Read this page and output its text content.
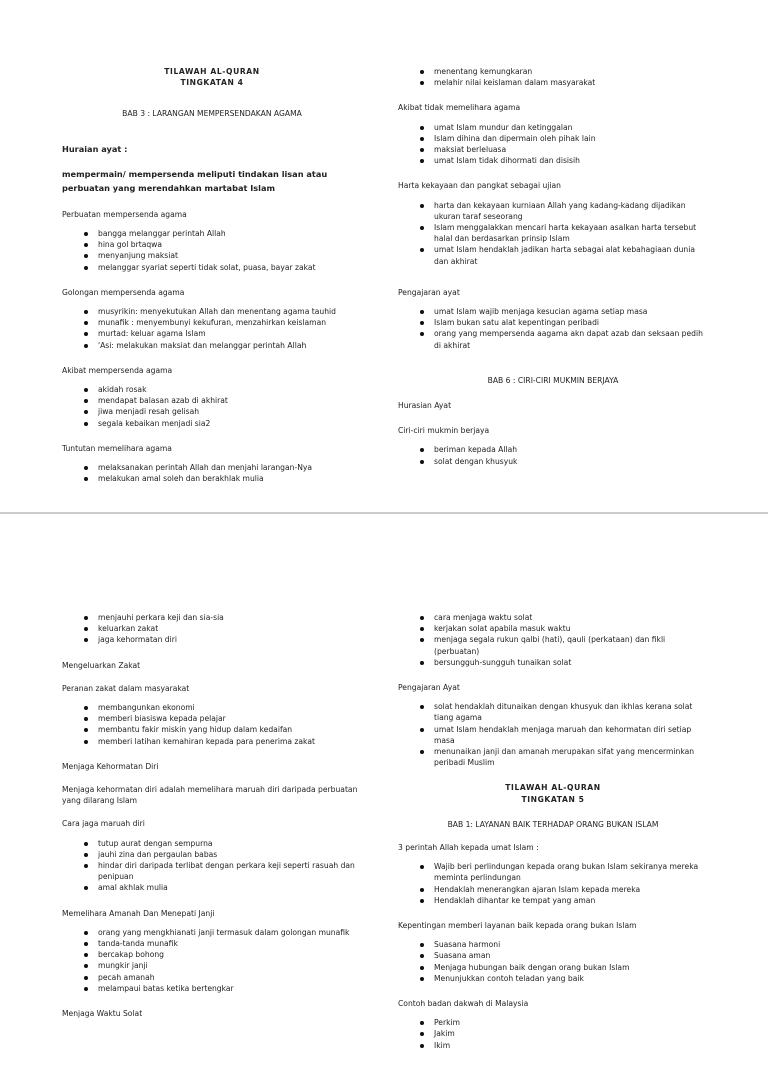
TILAWAH AL-QURAN
TINGKATAN 4

BAB 3 : LARANGAN MEMPERSENDAKAN AGAMA

Huraian ayat :
mempermain/ mempersenda meliputi tindakan lisan atau perbuatan yang merendahkan martabat Islam

Perbuatan mempersenda agama

bangga melanggar perintah Allah
hina gol brtaqwa
menyanjung maksiat
melanggar syariat seperti tidak solat, puasa, bayar zakat

Golongan mempersenda agama

musyrikin: menyekutukan Allah dan menentang agama tauhid
munafik : menyembunyi kekufuran, menzahirkan keislaman
murtad: keluar agama Islam
'Asi: melakukan maksiat dan melanggar perintah Allah

Akibat mempersenda agama

akidah rosak
mendapat balasan azab di akhirat
jiwa menjadi resah gelisah
segala kebaikan menjadi sia2

Tuntutan memelihara agama

melaksanakan perintah Allah dan menjahi larangan-Nya
melakukan amal soleh dan berakhlak mulia
menentang kemungkaran
melahir nilai keislaman dalam masyarakat

Akibat tidak memelihara agama

umat Islam mundur dan ketinggalan
Islam dihina dan dipermain oleh pihak lain
maksiat berleluasa
umat Islam tidak dihormati dan disisih

Harta kekayaan dan pangkat sebagai ujian

harta dan kekayaan kurniaan Allah yang kadang-kadang dijadikan ukuran taraf seseorang
Islam menggalakkan mencari harta kekayaan asalkan harta tersebut halal dan berdasarkan prinsip Islam
umat Islam hendaklah jadikan harta sebagai alat kebahagiaan dunia dan akhirat

Pengajaran ayat

umat Islam wajib menjaga kesucian agama setiap masa
Islam bukan satu alat kepentingan peribadi
orang yang mempersenda aagama akn dapat azab dan seksaan pedih di akhirat

BAB 6 : CIRI-CIRI MUKMIN BERJAYA

Hurasian Ayat

Ciri-ciri mukmin berjaya

beriman kepada Allah
solat dengan khusyuk
menjauhi perkara keji dan sia-sia
keluarkan zakat
jaga kehormatan diri

Mengeluarkan Zakat

Peranan zakat dalam masyarakat

membangunkan ekonomi
memberi biasiswa kepada pelajar
membantu fakir miskin yang hidup dalam kedaifan
memberi latihan kemahiran kepada para penerima zakat

Menjaga Kehormatan Diri

Menjaga kehormatan diri adalah memelihara maruah diri daripada perbuatan yang dilarang Islam

Cara jaga maruah diri

tutup aurat dengan sempurna
jauhi zina dan pergaulan babas
hindar diri daripada terlibat dengan perkara keji seperti rasuah dan penipuan
amal akhlak mulia

Memelihara Amanah Dan Menepati Janji

orang yang mengkhianati janji termasuk dalam golongan munafik
tanda-tanda munafik
bercakap bohong
mungkir janji
pecah amanah
melampaui batas ketika bertengkar

Menjaga Waktu Solat

cara menjaga waktu solat
kerjakan solat apabila masuk waktu
menjaga segala rukun qalbi (hati), qauli (perkataan) dan fikli (perbuatan)
bersungguh-sungguh tunaikan solat

Pengajaran Ayat

solat hendaklah ditunaikan dengan khusyuk dan ikhlas kerana solat tiang agama
umat Islam hendaklah menjaga maruah dan kehormatan diri setiap masa
menunaikan janji dan amanah merupakan sifat yang mencerminkan peribadi Muslim
TILAWAH AL-QURAN
TINGKATAN 5

BAB 1: LAYANAN BAIK TERHADAP ORANG BUKAN ISLAM

3 perintah Allah kepada umat Islam :

Wajib beri perlindungan kepada orang bukan Islam sekiranya mereka meminta perlindungan
Hendaklah menerangkan ajaran Islam kepada mereka
Hendaklah dihantar ke tempat yang aman

Kepentingan memberi layanan baik kepada orang bukan Islam

Suasana harmoni
Suasana aman
Menjaga hubungan baik dengan orang bukan Islam
Menunjukkan contoh teladan yang baik

Contoh badan dakwah di Malaysia

Perkim
Jakim
Ikim
